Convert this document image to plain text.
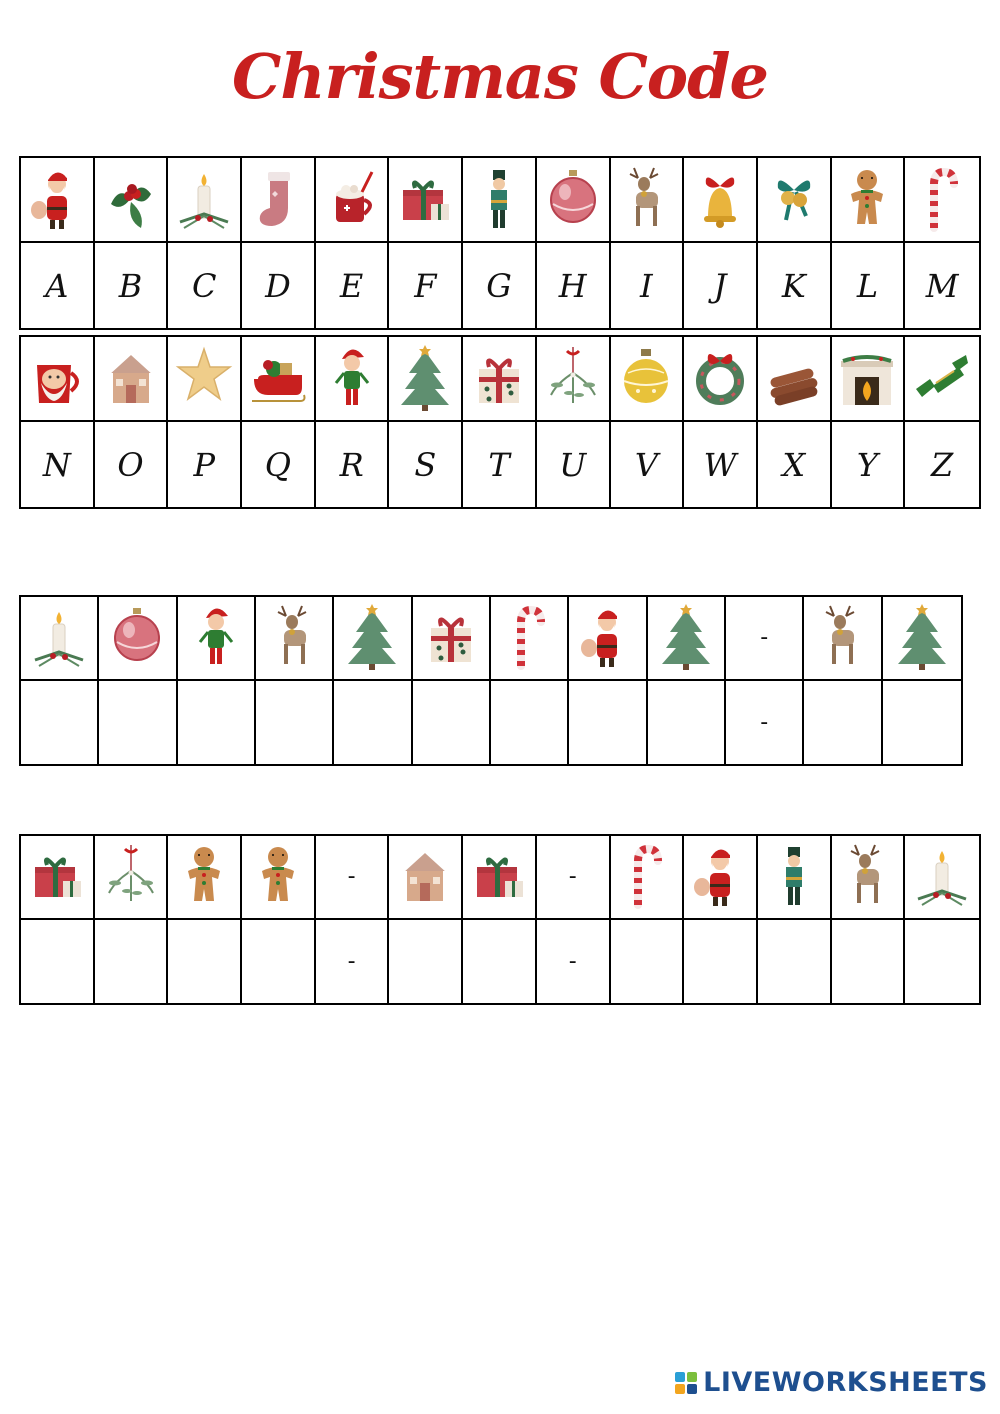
Christmas Code
A B C D E F G H I J K L M
N O P Q R S T U V W X Y Z
-
-
-	-
-	-
LIVEWORKSHEETS
